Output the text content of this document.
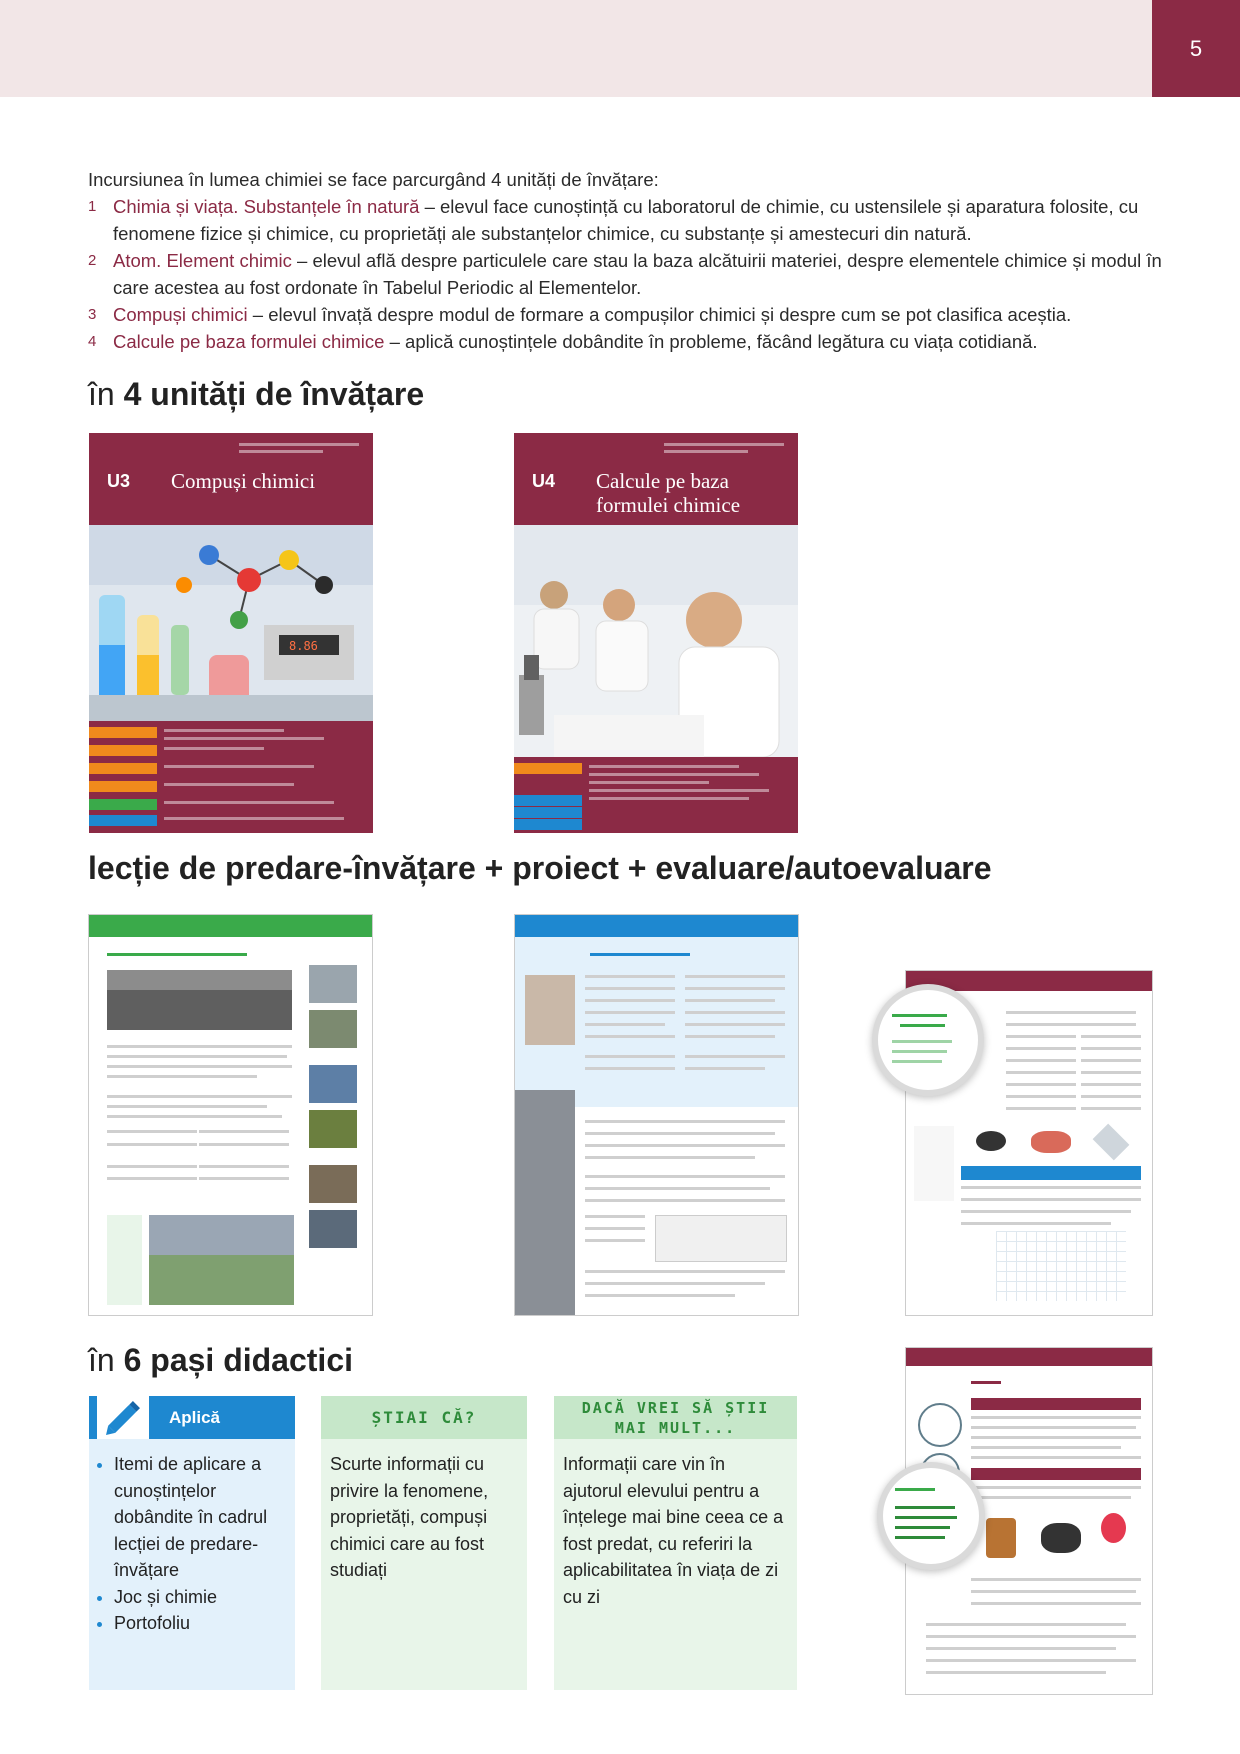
5

Incursiunea în lumea chimiei se face parcurgând 4 unități de învățare:

1 Chimia și viața. Substanțele în natură – elevul face cunoștință cu laboratorul de chimie, cu ustensilele și aparatura folosite, cu fenomene fizice și chimice, cu proprietăți ale substanțelor chimice, cu substanțe și amestecuri din natură.
2 Atom. Element chimic – elevul află despre particulele care stau la baza alcătuirii materiei, despre elementele chimice și modul în care acestea au fost ordonate în Tabelul Periodic al Elementelor.
3 Compuși chimici – elevul învață despre modul de formare a compușilor chimici și despre cum se pot clasifica aceștia.
4 Calcule pe baza formulei chimice – aplică cunoștințele dobândite în probleme, făcând legătura cu viața cotidiană.
în 4 unități de învățare
U3 Compuși chimici
8.86
U4 Calcule pe baza formulei chimice
lecție de predare-învățare + proiect + evaluare/autoevaluare
în 6 pași didactici
Aplică
• Itemi de aplicare a cunoștințelor dobândite în cadrul lecției de predare-învățare
• Joc și chimie
• Portofoliu
ȘTIAI CĂ?
Scurte informații cu privire la fenomene, proprietăți, compuși chimici care au fost studiați
DACĂ VREI SĂ ȘTII MAI MULT...
Informații care vin în ajutorul elevului pentru a înțelege mai bine ceea ce a fost predat, cu referiri la aplicabilitatea în viața de zi cu zi
